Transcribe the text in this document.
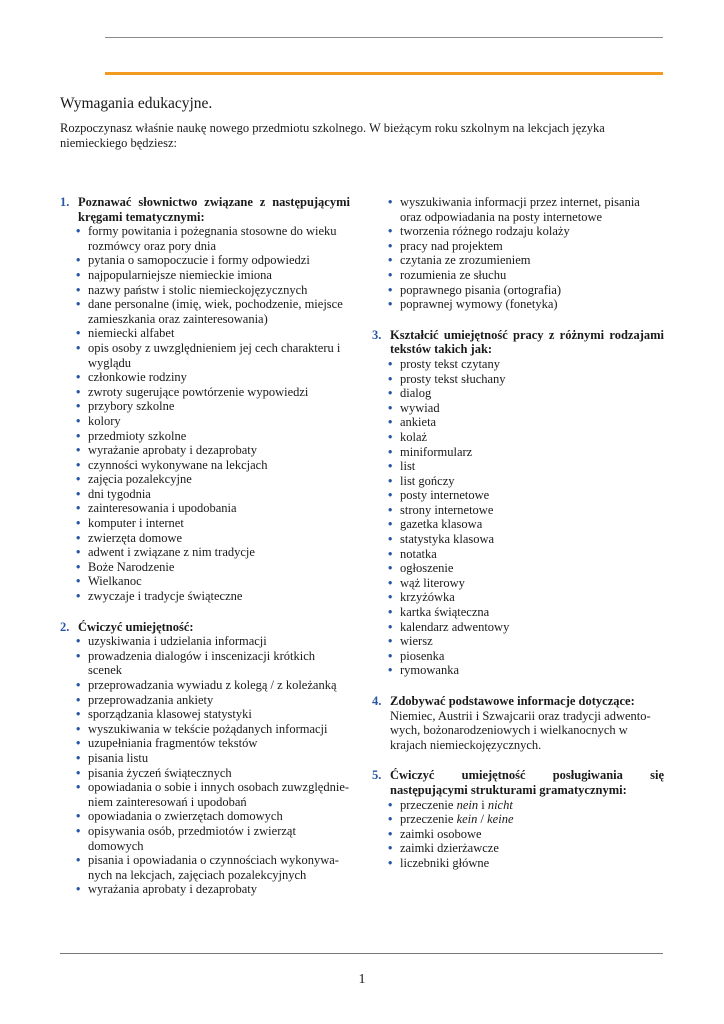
Wymagania edukacyjne.

Rozpoczynasz właśnie naukę nowego przedmiotu szkolnego. W bieżącym roku szkolnym na lekcjach języka niemieckiego będziesz:

1. Poznawać słownictwo związane z następującymi kręgami tematycznymi:
• formy powitania i pożegnania stosowne do wieku rozmówcy oraz pory dnia
• pytania o samopoczucie i formy odpowiedzi
• najpopularniejsze niemieckie imiona
• nazwy państw i stolic niemieckojęzycznych
• dane personalne (imię, wiek, pochodzenie, miejsce zamieszkania oraz zainteresowania)
• niemiecki alfabet
• opis osoby z uwzględnieniem jej cech charakteru i wyglądu
• członkowie rodziny
• zwroty sugerujące powtórzenie wypowiedzi
• przybory szkolne
• kolory
• przedmioty szkolne
• wyrażanie aprobaty i dezaprobaty
• czynności wykonywane na lekcjach
• zajęcia pozalekcyjne
• dni tygodnia
• zainteresowania i upodobania
• komputer i internet
• zwierzęta domowe
• adwent i związane z nim tradycje
• Boże Narodzenie
• Wielkanoc
• zwyczaje i tradycje świąteczne
2. Ćwiczyć umiejętność:
• uzyskiwania i udzielania informacji
• prowadzenia dialogów i inscenizacji krótkich scenek
• przeprowadzania wywiadu z kolegą / z koleżanką
• przeprowadzania ankiety
• sporządzania klasowej statystyki
• wyszukiwania w tekście pożądanych informacji
• uzupełniania fragmentów tekstów
• pisania listu
• pisania życzeń świątecznych
• opowiadania o sobie i innych osobach zuwzględnie-niem zainteresowań i upodobań
• opowiadania o zwierzętach domowych
• opisywania osób, przedmiotów i zwierząt domowych
• pisania i opowiadania o czynnościach wykonywa-nych na lekcjach, zajęciach pozalekcyjnych
• wyrażania aprobaty i dezaprobaty
• wyszukiwania informacji przez internet, pisania oraz odpowiadania na posty internetowe
• tworzenia różnego rodzaju kolaży
• pracy nad projektem
• czytania ze zrozumieniem
• rozumienia ze słuchu
• poprawnego pisania (ortografia)
• poprawnej wymowy (fonetyka)
3. Kształcić umiejętność pracy z różnymi rodzajami tekstów takich jak:
• prosty tekst czytany
• prosty tekst słuchany
• dialog
• wywiad
• ankieta
• kolaż
• miniformularz
• list
• list gończy
• posty internetowe
• strony internetowe
• gazetka klasowa
• statystyka klasowa
• notatka
• ogłoszenie
• wąż literowy
• krzyżówka
• kartka świąteczna
• kalendarz adwentowy
• wiersz
• piosenka
• rymowanka
4. Zdobywać podstawowe informacje dotyczące:

Niemiec, Austrii i Szwajcarii oraz tradycji adwento-wych, bożonarodzeniowych i wielkanocnych w krajach niemieckojęzycznych.

5. Ćwiczyć umiejętność posługiwania się następującymi strukturami gramatycznymi:
• przeczenie nein i nicht
• przeczenie kein / keine
• zaimki osobowe
• zaimki dzierżawcze
• liczebniki główne
1
